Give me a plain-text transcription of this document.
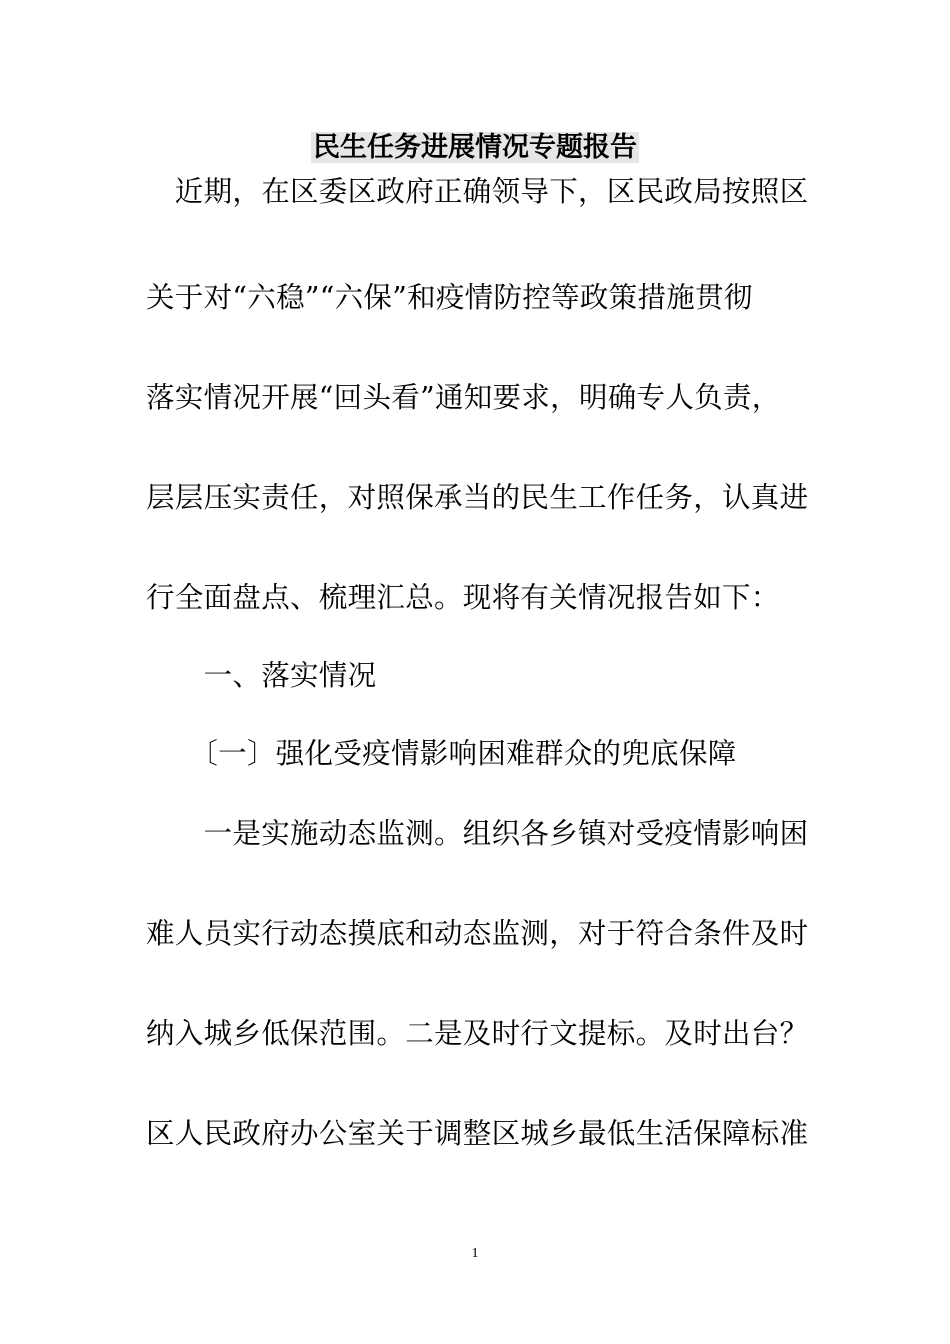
民生任务进展情况专题报告
　近期，在区委区政府正确领导下，区民政局按照区
关于对“六稳”“六保”和疫情防控等政策措施贯彻
落实情况开展“回头看”通知要求，明确专人负责，
层层压实责任，对照保承当的民生工作任务，认真进
行全面盘点、梳理汇总。现将有关情况报告如下：
　　一、落实情况
　　〔一〕强化受疫情影响困难群众的兜底保障
　　一是实施动态监测。组织各乡镇对受疫情影响困
难人员实行动态摸底和动态监测，对于符合条件及时
纳入城乡低保范围。二是及时行文提标。及时出台？
区人民政府办公室关于调整区城乡最低生活保障标准
1
